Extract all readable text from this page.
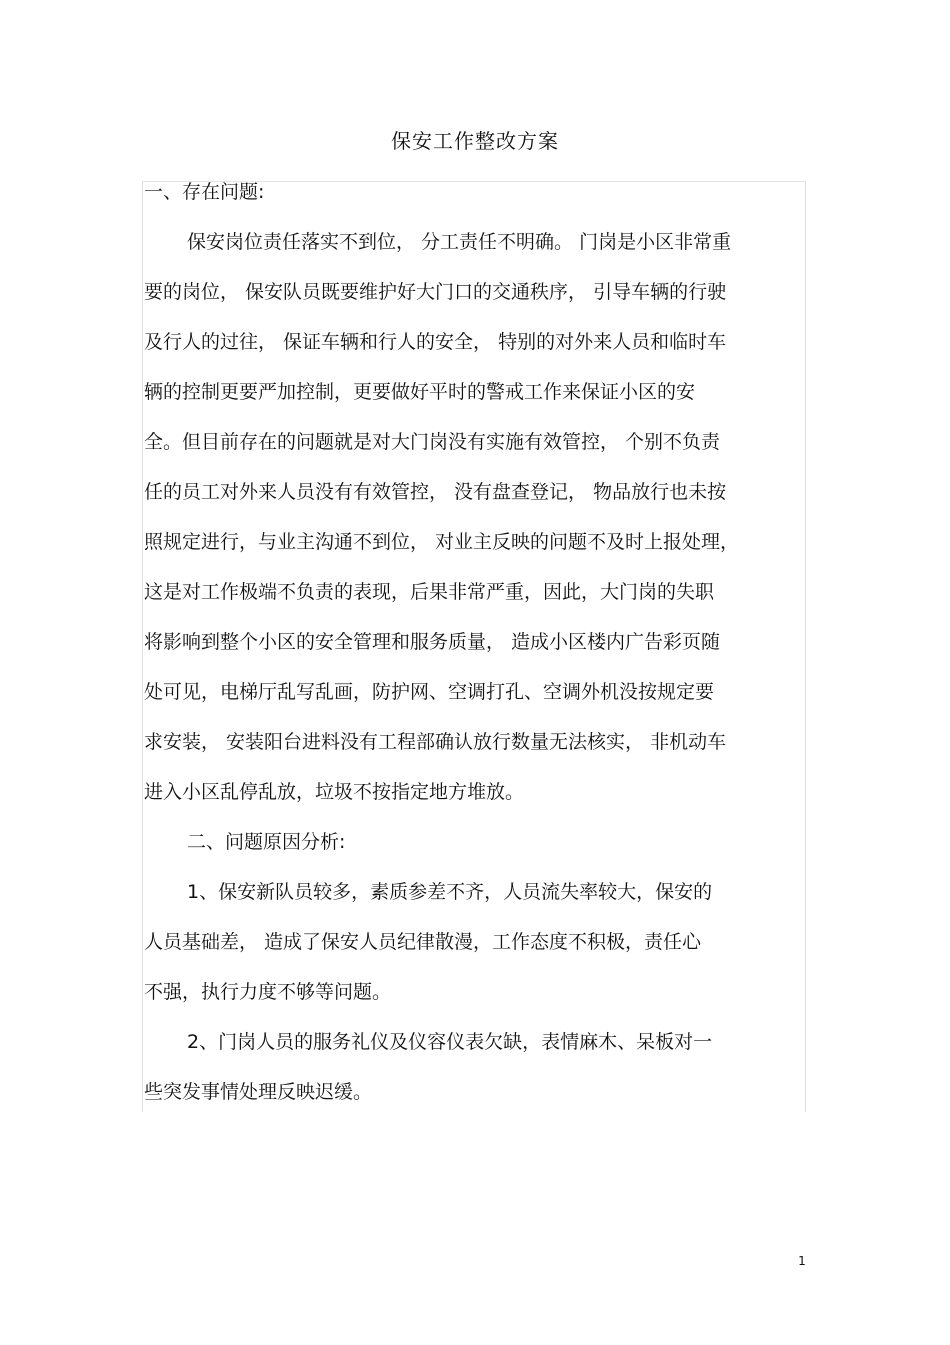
保安工作整改方案
一、存在问题:
保安岗位责任落实不到位， 分工责任不明确。 门岗是小区非常重
要的岗位， 保安队员既要维护好大门口的交通秩序， 引导车辆的行驶
及行人的过往， 保证车辆和行人的安全， 特别的对外来人员和临时车
辆的控制更要严加控制，更要做好平时的警戒工作来保证小区的安
全。但目前存在的问题就是对大门岗没有实施有效管控， 个别不负责
任的员工对外来人员没有有效管控， 没有盘查登记， 物品放行也未按
照规定进行，与业主沟通不到位， 对业主反映的问题不及时上报处理，
这是对工作极端不负责的表现，后果非常严重，因此，大门岗的失职
将影响到整个小区的安全管理和服务质量， 造成小区楼内广告彩页随
处可见，电梯厅乱写乱画，防护网、空调打孔、空调外机没按规定要
求安装， 安装阳台进料没有工程部确认放行数量无法核实， 非机动车
进入小区乱停乱放，垃圾不按指定地方堆放。
二、问题原因分析:
1、保安新队员较多，素质参差不齐，人员流失率较大，保安的
人员基础差， 造成了保安人员纪律散漫，工作态度不积极，责任心
不强，执行力度不够等问题。
2、门岗人员的服务礼仪及仪容仪表欠缺，表情麻木、呆板对一
些突发事情处理反映迟缓。
1
